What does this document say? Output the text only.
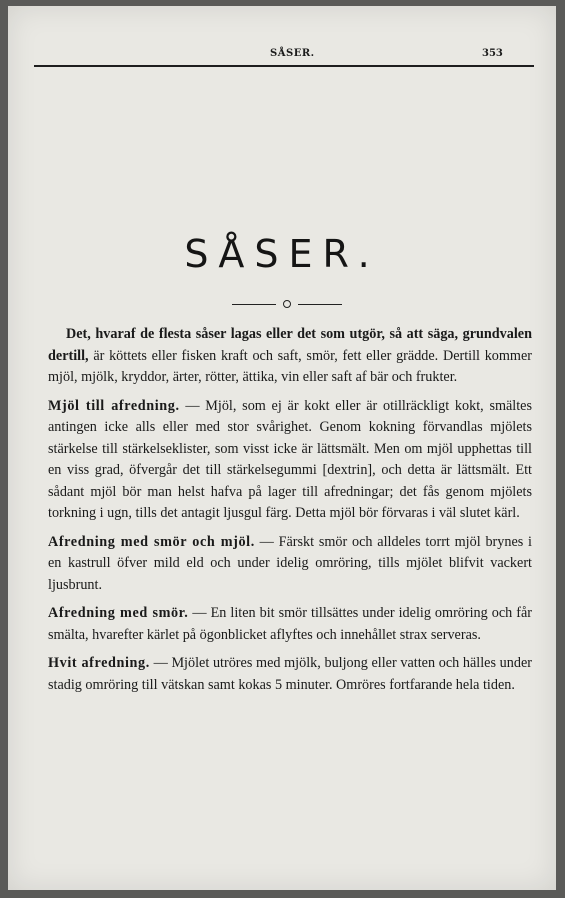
SÅSER.	353
SÅSER.

Det, hvaraf de flesta såser lagas eller det som utgör, så att säga, grundvalen dertill, är köttets eller fisken kraft och saft, smör, fett eller grädde. Dertill kommer mjöl, mjölk, kryddor, ärter, rötter, ättika, vin eller saft af bär och frukter.

Mjöl till afredning. — Mjöl, som ej är kokt eller är otillräckligt kokt, smältes antingen icke alls eller med stor svårighet. Genom kokning förvandlas mjölets stärkelse till stärkelseklister, som visst icke är lättsmält. Men om mjöl upphettas till en viss grad, öfvergår det till stärkelsegummi [dextrin], och detta är lättsmält. Ett sådant mjöl bör man helst hafva på lager till afredningar; det fås genom mjölets torkning i ugn, tills det antagit ljusgul färg. Detta mjöl bör förvaras i väl slutet kärl.

Afredning med smör och mjöl. — Färskt smör och alldeles torrt mjöl brynes i en kastrull öfver mild eld och under idelig omröring, tills mjölet blifvit vackert ljusbrunt.

Afredning med smör. — En liten bit smör tillsättes under idelig omröring och får smälta, hvarefter kärlet på ögonblicket aflyftes och innehållet strax serveras.

Hvit afredning. — Mjölet utröres med mjölk, buljong eller vatten och hälles under stadig omröring till vätskan samt kokas 5 minuter. Omröres fortfarande hela tiden.
